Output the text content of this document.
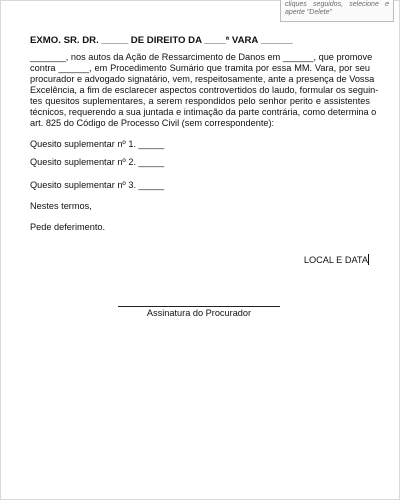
cliques seguidos, selecione e
aperte "Delete"
EXMO. SR. DR. _____ DE DIREITO DA ____ª VARA ______
_______, nos autos da Ação de Ressarcimento de Danos em ______, que promove
contra ______, em Procedimento Sumário que tramita por essa MM. Vara, por seu
procurador e advogado signatário, vem, respeitosamente, ante a presença de Vossa
Excelência, a fim de esclarecer aspectos controvertidos do laudo, formular os seguin-
tes quesitos suplementares, a serem respondidos pelo senhor perito e assistentes
técnicos, requerendo a sua juntada e intimação da parte contrária, como determina o
art. 825 do Código de Processo Civil (sem correspondente):
Quesito suplementar nº 1. _____
Quesito suplementar nº 2. _____
Quesito suplementar nº 3. _____
Nestes termos,
Pede deferimento.
LOCAL E DATA
Assinatura do Procurador
